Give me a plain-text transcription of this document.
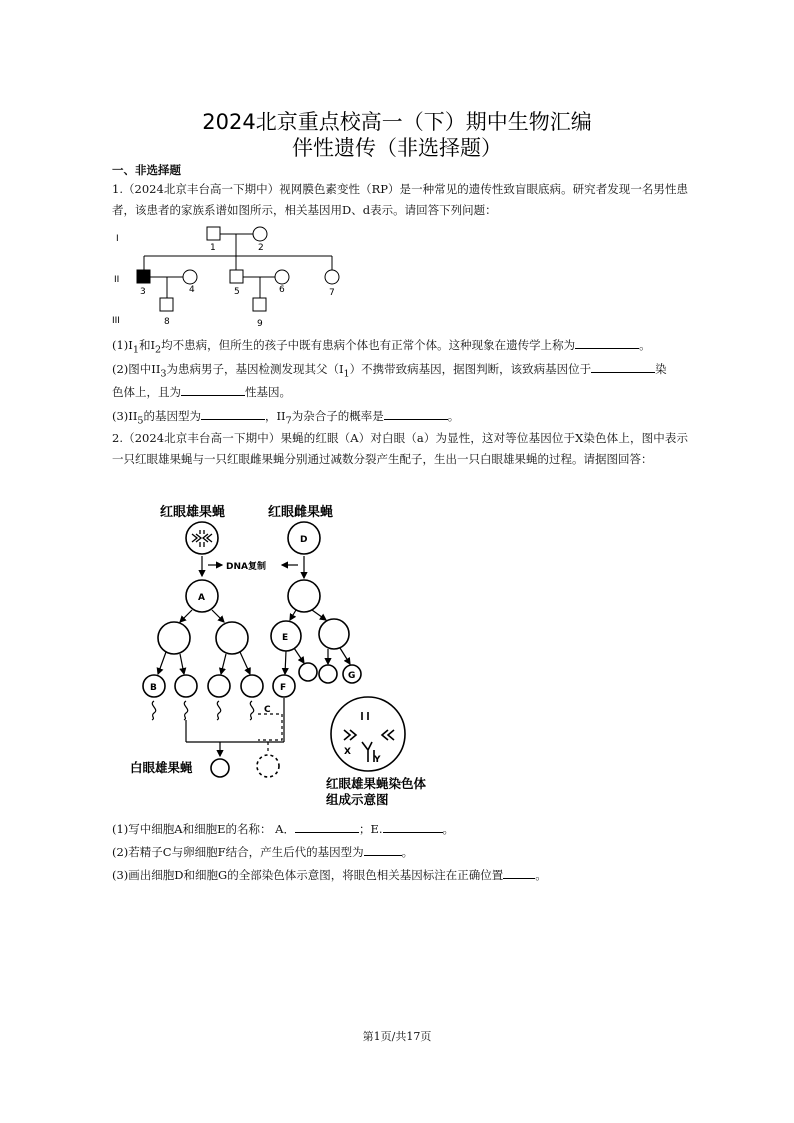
2024北京重点校高一（下）期中生物汇编
伴性遗传（非选择题）
一、非选择题
1.（2024北京丰台高一下期中）视网膜色素变性（RP）是一种常见的遗传性致盲眼底病。研究者发现一名男性患者，该患者的家族系谱如图所示，相关基因用D、d表示。请回答下列问题：
I
II
III
1	2
3	4	5	6	7
8	9
$(1)I_1$和$I_2$均不患病，但所生的孩子中既有患病个体也有正常个体。这种现象在遗传学上称为	。
(2)图中$II_3$为患病男子，基因检测发现其父$(I_1)$不携带致病基因，据图判断，该致病基因位于	染
色体上，且为	性基因。
$(3)II_5$的基因型为	，$II_7$为杂合子的概率是	。
2.（2024北京丰台高一下期中）果蝇的红眼（A）对白眼（a）为显性，这对等位基因位于X染色体上，图中表示一只红眼雄果蝇与一只红眼雌果蝇分别通过减数分裂产生配子，生出一只白眼雄果蝇的过程。请据图回答：
红眼雄果蝇	红眼雌果蝇
DNA复制
A
D
E
G
B	F
C
X
Y
白眼雄果蝇
红眼雄果蝇染色体
组成示意图
(1)写中细胞A和细胞E的名称： A．	；E.	。
(2)若精子C与卵细胞F结合，产生后代的基因型为	。
(3)画出细胞D和细胞G的全部染色体示意图，将眼色相关基因标注在正确位置	。
第1页/共17页
